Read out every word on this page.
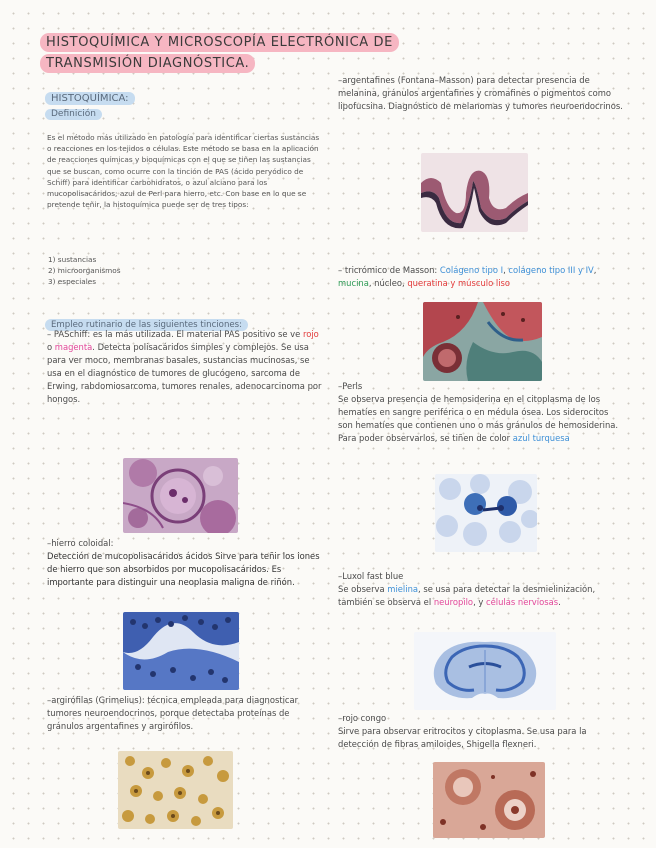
HISTOQUÍMICA Y MICROSCOPÍA ELECTRÓNICA DE
TRANSMISIÓN DIAGNÓSTICA.
HISTOQUÍMICA:
Definición
Es el método más utilizado en patología para identificar ciertas sustancias o reacciones en los tejidos o células. Este método se basa en la aplicación de reacciones químicas y bioquímicas con el que se tiñen las sustancias que se buscan, como ocurre con la tinción de PAS (ácido peryódico de Schiff) para identificar carbohidratos, o azul alciano para los mucopolisacáridos; azul de Perl para hierro, etc. Con base en lo que se pretende teñir, la histoquímica puede ser de tres tipos:
1) sustancias
2) microorganismos
3) especiales
Empleo rutinario de las siguientes tinciones:
– PASchiff: es la más utilizada. El material PAS positivo se ve rojo o magenta. Detecta polisacáridos simples y complejos. Se usa para ver moco, membranas basales, sustancias mucinosas, se usa en el diagnóstico de tumores de glucógeno, sarcoma de Erwing, rabdomiosarcoma, tumores renales, adenocarcinoma por hongos.
–hierro coloidal:
Detección de mucopolisacáridos ácidos Sirve para teñir los iones de hierro que son absorbidos por mucopolisacáridos. Es importante para distinguir una neoplasia maligna de riñón.
–argirófilas (Grimelius): técnica empleada para diagnosticar tumores neuroendocrinos, porque detectaba proteínas de gránulos argentafines y argirófilos.
–argentafines (Fontana–Masson) para detectar presencia de melanina, gránulos argentafines y cromafines o pigmentos como lipofucsina. Diagnóstico de melanomas y tumores neuroendocrinos.
– tricrómico de Masson: Colágeno tipo I, colágeno tipo III y IV, mucina, núcleo, queratina y músculo liso
–Perls
Se observa presencia de hemosiderina en el citoplasma de los hematíes en sangre periférica o en médula ósea. Los siderocitos son hematíes que contienen uno o más gránulos de hemosiderina. Para poder observarlos, se tiñen de color azul turquesa
–Luxol fast blue
Se observa mielina, se usa para detectar la desmielinización, también se observa el neuropilo, y células nerviosas.
–rojo congo
Sirve para observar eritrocitos y citoplasma. Se usa para la detección de fibras amiloides, Shigella flexneri.
